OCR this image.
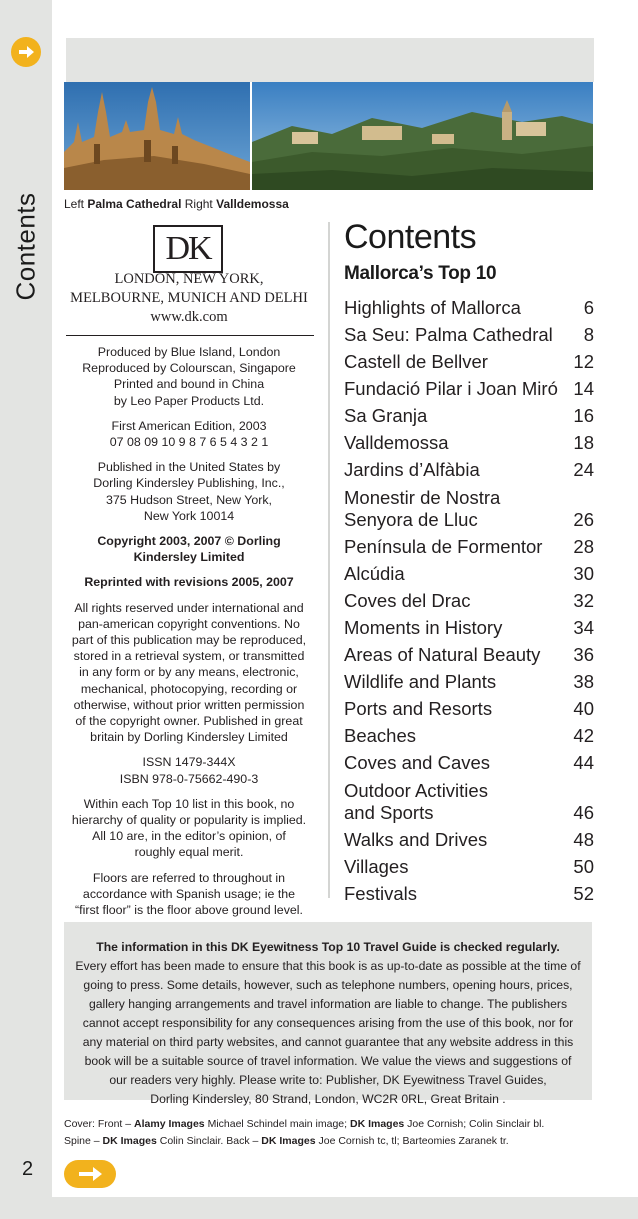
Contents
2
Left Palma Cathedral Right Valldemossa
DK
LONDON, NEW YORK,
MELBOURNE, MUNICH AND DELHI
www.dk.com

Produced by Blue Island, London
Reproduced by Colourscan, Singapore
Printed and bound in China
by Leo Paper Products Ltd.

First American Edition, 2003
07 08 09 10 9 8 7 6 5 4 3 2 1

Published in the United States by
Dorling Kindersley Publishing, Inc.,
375 Hudson Street, New York,
New York 10014

Copyright 2003, 2007 © Dorling
Kindersley Limited

Reprinted with revisions 2005, 2007

All rights reserved under international and
pan-american copyright conventions. No
part of this publication may be reproduced,
stored in a retrieval system, or transmitted
in any form or by any means, electronic,
mechanical, photocopying, recording or
otherwise, without prior written permission
of the copyright owner. Published in great
britain by Dorling Kindersley Limited

ISSN 1479-344X
ISBN 978-0-75662-490-3

Within each Top 10 list in this book, no
hierarchy of quality or popularity is implied.
All 10 are, in the editor’s opinion, of
roughly equal merit.

Floors are referred to throughout in
accordance with Spanish usage; ie the
“first floor” is the floor above ground level.

Contents
Mallorca’s Top 10
Highlights of Mallorca	6
Sa Seu: Palma Cathedral 8
Castell de Bellver	12
Fundació Pilar i Joan Miró 14
Sa Granja	16
Valldemossa	18
Jardins d’Alfàbia	24
Monestir de Nostra
Senyora de Lluc	26
Península de Formentor 28
Alcúdia	30
Coves del Drac	32
Moments in History	34
Areas of Natural Beauty 36
Wildlife and Plants	38
Ports and Resorts	40
Beaches	42
Coves and Caves	44
Outdoor Activities
and Sports	46
Walks and Drives	48
Villages	50
Festivals	52
The information in this DK Eyewitness Top 10 Travel Guide is checked regularly.
Every effort has been made to ensure that this book is as up-to-date as possible at the time of
going to press. Some details, however, such as telephone numbers, opening hours, prices,
gallery hanging arrangements and travel information are liable to change. The publishers
cannot accept responsibility for any consequences arising from the use of this book, nor for
any material on third party websites, and cannot guarantee that any website address in this
book will be a suitable source of travel information. We value the views and suggestions of
our readers very highly. Please write to: Publisher, DK Eyewitness Travel Guides,
Dorling Kindersley, 80 Strand, London, WC2R 0RL, Great Britain .
Cover: Front – Alamy Images Michael Schindel main image; DK Images Joe Cornish; Colin Sinclair bl.
Spine – DK Images Colin Sinclair. Back – DK Images Joe Cornish tc, tl; Barteomies Zaranek tr.
